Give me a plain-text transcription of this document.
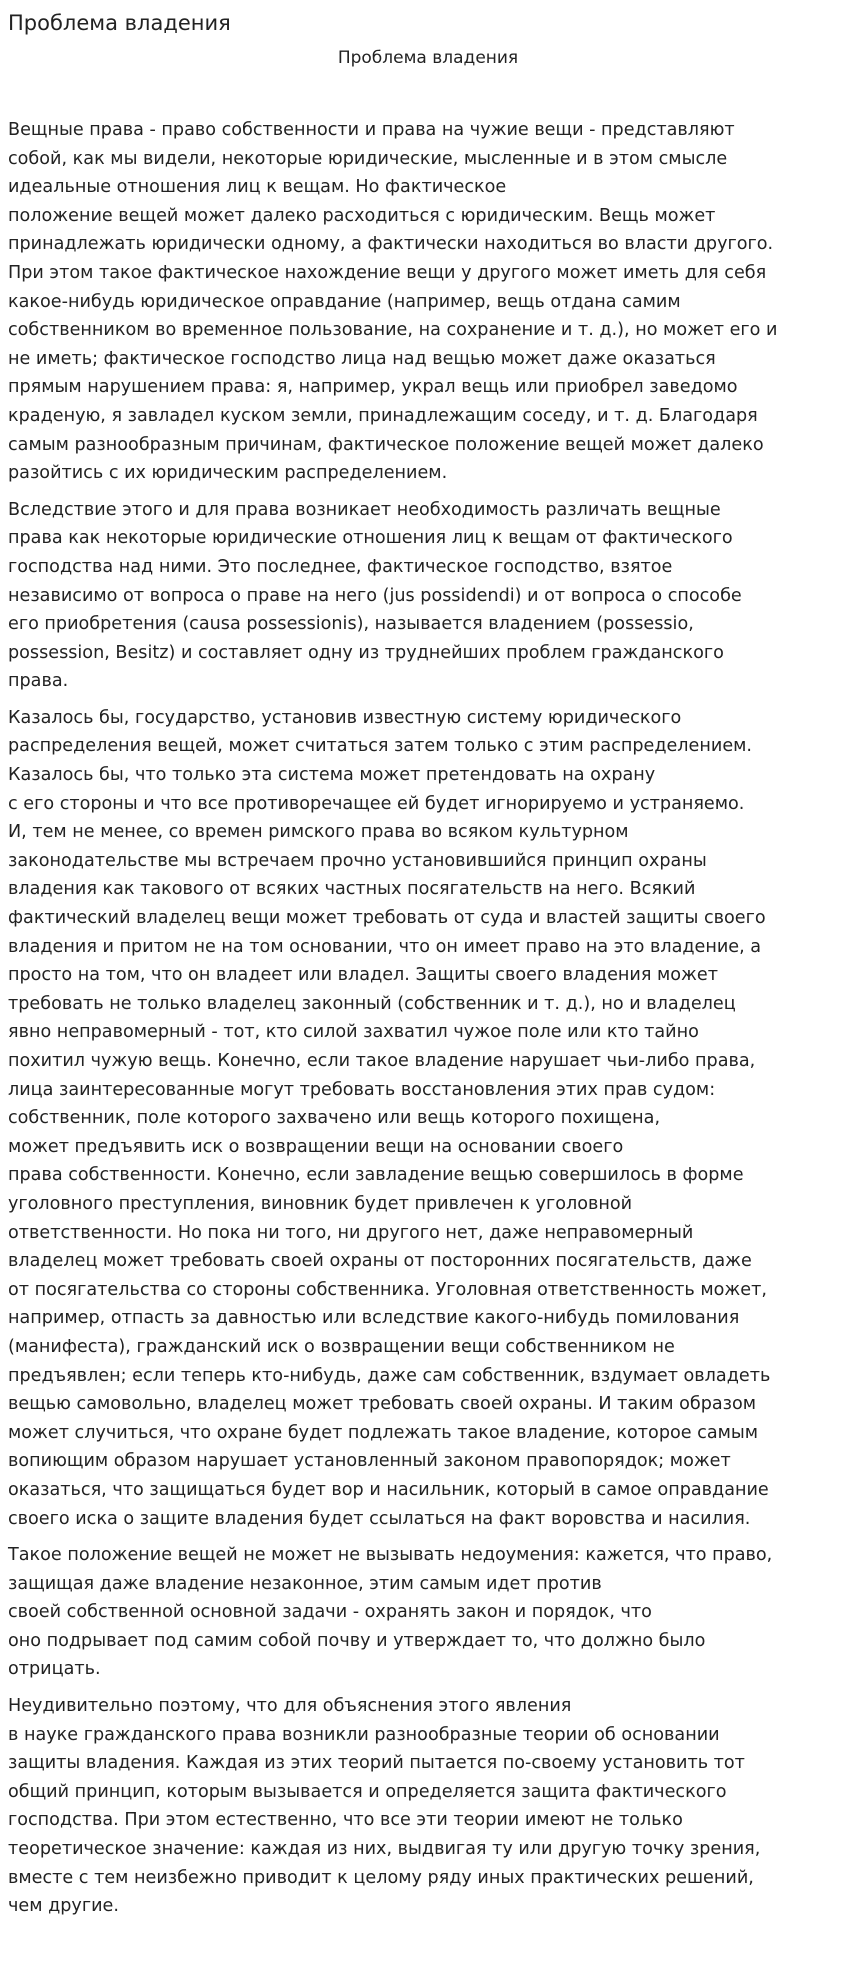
Проблема владения
Проблема владения

Вещные права - право собственности и права на чужие вещи - представляют
собой, как мы видели, некоторые юридические, мысленные и в этом смысле
идеальные отношения лиц к вещам. Но фактическое
положение вещей может далеко расходиться с юридическим. Вещь может
принадлежать юридически одному, а фактически находиться во власти другого.
При этом такое фактическое нахождение вещи у другого может иметь для себя
какое-нибудь юридическое оправдание (например, вещь отдана самим
собственником во временное пользование, на сохранение и т. д.), но может его и
не иметь; фактическое господство лица над вещью может даже оказаться
прямым нарушением права: я, например, украл вещь или приобрел заведомо
краденую, я завладел куском земли, принадлежащим соседу, и т. д. Благодаря
самым разнообразным причинам, фактическое положение вещей может далеко
разойтись с их юридическим распределением.

Вследствие этого и для права возникает необходимость различать вещные
права как некоторые юридические отношения лиц к вещам от фактического
господства над ними. Это последнее, фактическое господство, взятое
независимо от вопроса о праве на него (jus possidendi) и от вопроса о способе
его приобретения (causa possessionis), называется владением (possessio,
possession, Besitz) и составляет одну из труднейших проблем гражданского
права.

Казалось бы, государство, установив известную систему юридического
распределения вещей, может считаться затем только с этим распределением.
Казалось бы, что только эта система может претендовать на охрану
с его стороны и что все противоречащее ей будет игнорируемо и устраняемо.
И, тем не менее, со времен римского права во всяком культурном
законодательстве мы встречаем прочно установившийся принцип охраны
владения как такового от всяких частных посягательств на него. Всякий
фактический владелец вещи может требовать от суда и властей защиты своего
владения и притом не на том основании, что он имеет право на это владение, а
просто на том, что он владеет или владел. Защиты своего владения может
требовать не только владелец законный (собственник и т. д.), но и владелец
явно неправомерный - тот, кто силой захватил чужое поле или кто тайно
похитил чужую вещь. Конечно, если такое владение нарушает чьи-либо права,
лица заинтересованные могут требовать восстановления этих прав судом:
собственник, поле которого захвачено или вещь которого похищена,
может предъявить иск о возвращении вещи на основании своего
права собственности. Конечно, если завладение вещью совершилось в форме
уголовного преступления, виновник будет привлечен к уголовной
ответственности. Но пока ни того, ни другого нет, даже неправомерный
владелец может требовать своей охраны от посторонних посягательств, даже
от посягательства со стороны собственника. Уголовная ответственность может,
например, отпасть за давностью или вследствие какого-нибудь помилования
(манифеста), гражданский иск о возвращении вещи собственником не
предъявлен; если теперь кто-нибудь, даже сам собственник, вздумает овладеть
вещью самовольно, владелец может требовать своей охраны. И таким образом
может случиться, что охране будет подлежать такое владение, которое самым
вопиющим образом нарушает установленный законом правопорядок; может
оказаться, что защищаться будет вор и насильник, который в самое оправдание
своего иска о защите владения будет ссылаться на факт воровства и насилия.

Такое положение вещей не может не вызывать недоумения: кажется, что право,
защищая даже владение незаконное, этим самым идет против
своей собственной основной задачи - охранять закон и порядок, что
оно подрывает под самим собой почву и утверждает то, что должно было
отрицать.

Неудивительно поэтому, что для объяснения этого явления
в науке гражданского права возникли разнообразные теории об основании
защиты владения. Каждая из этих теорий пытается по-своему установить тот
общий принцип, которым вызывается и определяется защита фактического
господства. При этом естественно, что все эти теории имеют не только
теоретическое значение: каждая из них, выдвигая ту или другую точку зрения,
вместе с тем неизбежно приводит к целому ряду иных практических решений,
чем другие.
